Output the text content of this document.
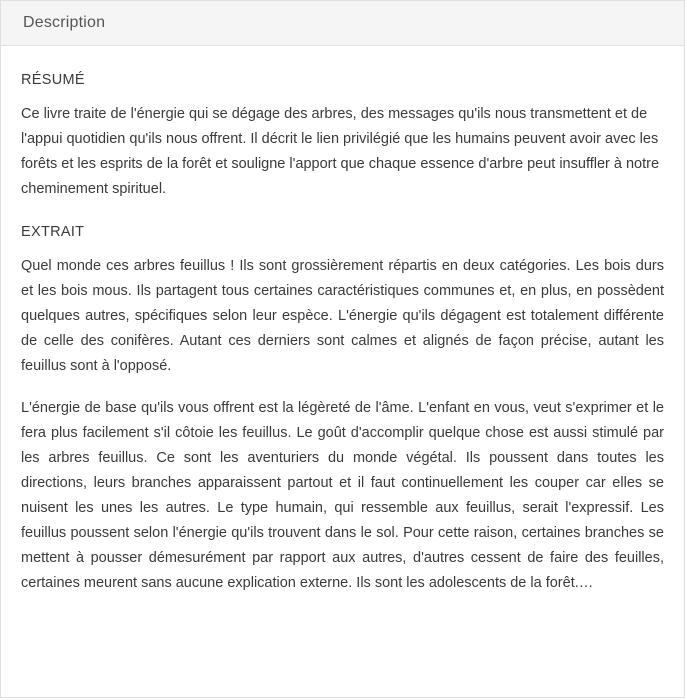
Description
RÉSUMÉ

Ce livre traite de l'énergie qui se dégage des arbres, des messages qu'ils nous transmettent et de l'appui quotidien qu'ils nous offrent. Il décrit le lien privilégié que les humains peuvent avoir avec les forêts et les esprits de la forêt et souligne l'apport que chaque essence d'arbre peut insuffler à notre cheminement spirituel.

EXTRAIT

Quel monde ces arbres feuillus ! Ils sont grossièrement répartis en deux catégories. Les bois durs et les bois mous. Ils partagent tous certaines caractéristiques communes et, en plus, en possèdent quelques autres, spécifiques selon leur espèce. L'énergie qu'ils dégagent est totalement différente de celle des conifères. Autant ces derniers sont calmes et alignés de façon précise, autant les feuillus sont à l'opposé.

L'énergie de base qu'ils vous offrent est la légèreté de l'âme. L'enfant en vous, veut s'exprimer et le fera plus facilement s'il côtoie les feuillus. Le goût d'accomplir quelque chose est aussi stimulé par les arbres feuillus. Ce sont les aventuriers du monde végétal. Ils poussent dans toutes les directions, leurs branches apparaissent partout et il faut continuellement les couper car elles se nuisent les unes les autres. Le type humain, qui ressemble aux feuillus, serait l'expressif. Les feuillus poussent selon l'énergie qu'ils trouvent dans le sol. Pour cette raison, certaines branches se mettent à pousser démesurément par rapport aux autres, d'autres cessent de faire des feuilles, certaines meurent sans aucune explication externe. Ils sont les adolescents de la forêt.…
